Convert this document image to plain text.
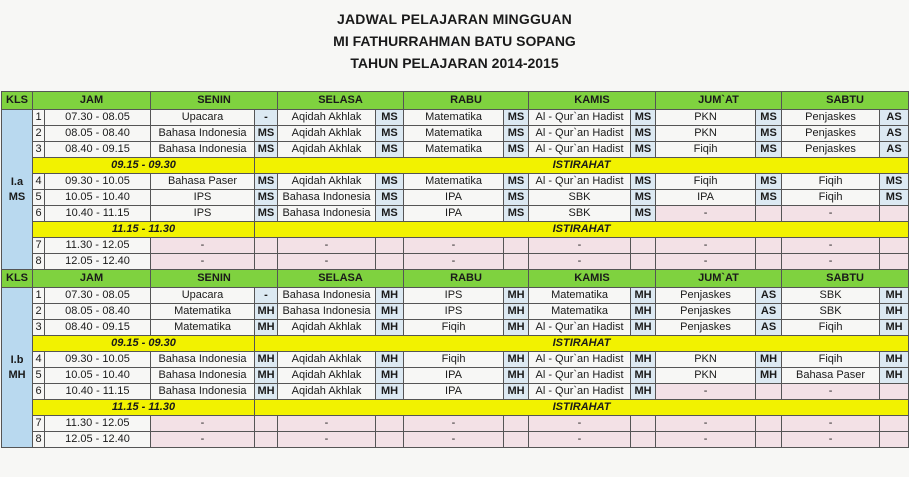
JADWAL PELAJARAN MINGGUAN
MI FATHURRAHMAN BATU SOPANG
TAHUN PELAJARAN 2014-2015
KLS	JAM		SENIN		SELASA		RABU		KAMIS		JUM`AT		SABTU	

I.a
MS	1	07.30 - 08.05	Upacara	-	Aqidah Akhlak	MS	Matematika	MS	Al - Qur`an Hadist	MS	PKN	MS	Penjaskes	AS
	2	08.05 - 08.40	Bahasa Indonesia	MS	Aqidah Akhlak	MS	Matematika	MS	Al - Qur`an Hadist	MS	PKN	MS	Penjaskes	AS
	3	08.40 - 09.15	Bahasa Indonesia	MS	Aqidah Akhlak	MS	Matematika	MS	Al - Qur`an Hadist	MS	Fiqih	MS	Penjaskes	AS
	09.15 - 09.30			ISTIRAHAT										
	4	09.30 - 10.05	Bahasa Paser	MS	Aqidah Akhlak	MS	Matematika	MS	Al - Qur`an Hadist	MS	Fiqih	MS	Fiqih	MS
	5	10.05 - 10.40	IPS	MS	Bahasa Indonesia	MS	IPA	MS	SBK	MS	IPA	MS	Fiqih	MS
	6	10.40 - 11.15	IPS	MS	Bahasa Indonesia	MS	IPA	MS	SBK	MS	-		-	
	11.15 - 11.30			ISTIRAHAT										
	7	11.30 - 12.05	-		-		-		-		-		-	
	8	12.05 - 12.40	-		-		-		-		-		-	
KLS	JAM		SENIN		SELASA		RABU		KAMIS		JUM`AT		SABTU	

I.b
MH	1	07.30 - 08.05	Upacara	-	Bahasa Indonesia	MH	IPS	MH	Matematika	MH	Penjaskes	AS	SBK	MH
	2	08.05 - 08.40	Matematika	MH	Bahasa Indonesia	MH	IPS	MH	Matematika	MH	Penjaskes	AS	SBK	MH
	3	08.40 - 09.15	Matematika	MH	Aqidah Akhlak	MH	Fiqih	MH	Al - Qur`an Hadist	MH	Penjaskes	AS	Fiqih	MH
	09.15 - 09.30			ISTIRAHAT										
	4	09.30 - 10.05	Bahasa Indonesia	MH	Aqidah Akhlak	MH	Fiqih	MH	Al - Qur`an Hadist	MH	PKN	MH	Fiqih	MH
	5	10.05 - 10.40	Bahasa Indonesia	MH	Aqidah Akhlak	MH	IPA	MH	Al - Qur`an Hadist	MH	PKN	MH	Bahasa Paser	MH
	6	10.40 - 11.15	Bahasa Indonesia	MH	Aqidah Akhlak	MH	IPA	MH	Al - Qur`an Hadist	MH	-		-	
	11.15 - 11.30			ISTIRAHAT										
	7	11.30 - 12.05	-		-		-		-		-		-	
	8	12.05 - 12.40	-		-		-		-		-		-	
